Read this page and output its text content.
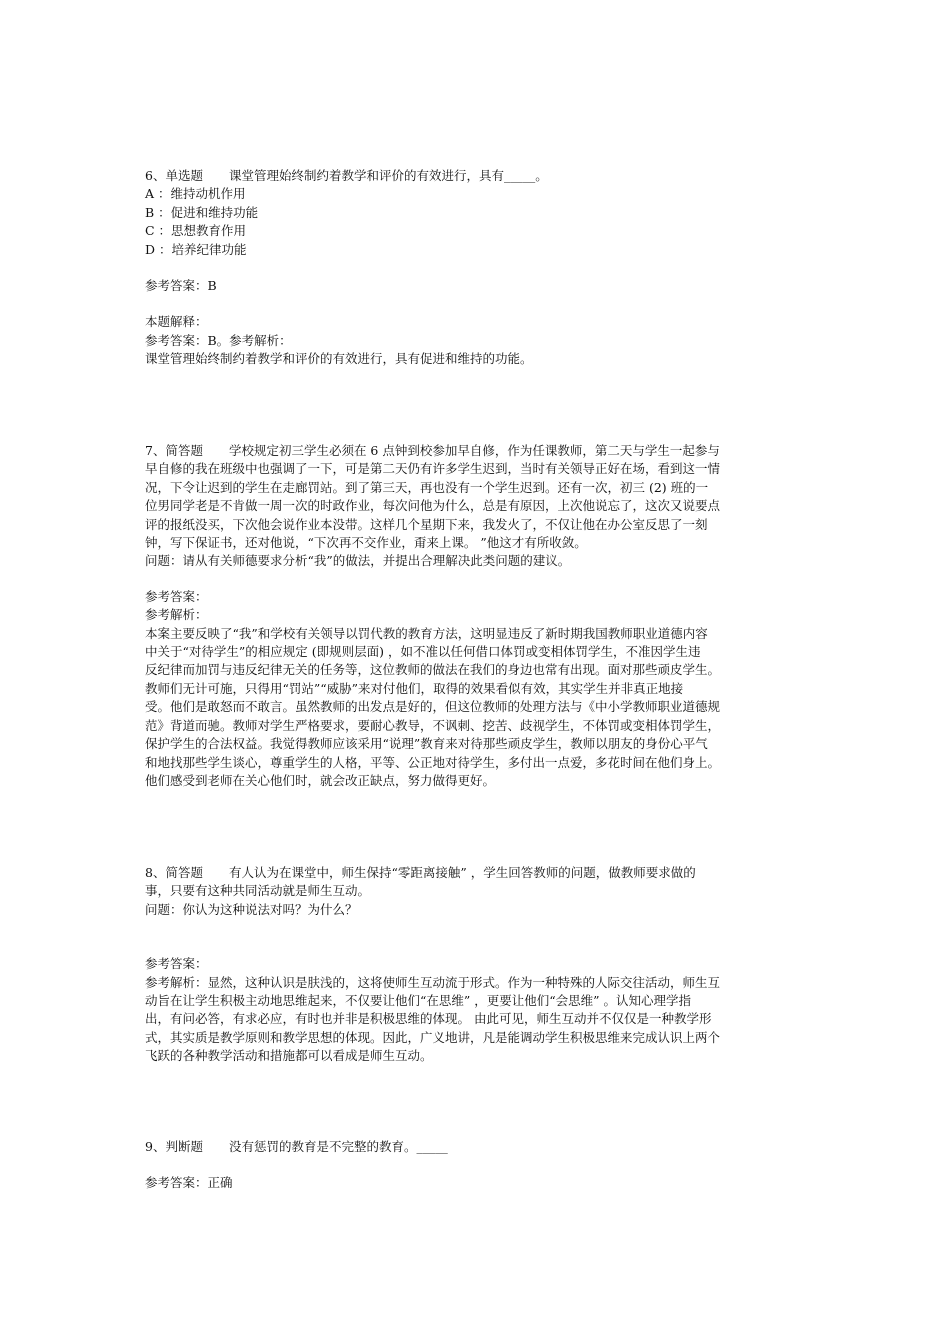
6、单选题 课堂管理始终制约着教学和评价的有效进行，具有_____。
A ：维持动机作用
B ：促进和维持功能
C ：思想教育作用
D ：培养纪律功能
参考答案：B
本题解释：
参考答案：B。参考解析：
课堂管理始终制约着教学和评价的有效进行，具有促进和维持的功能。
7、简答题 学校规定初三学生必须在 6 点钟到校参加早自修，作为任课教师，第二天与学生一起参与
早自修的我在班级中也强调了一下，可是第二天仍有许多学生迟到，当时有关领导正好在场，看到这一情
况，下令让迟到的学生在走廊罚站。到了第三天，再也没有一个学生迟到。还有一次，初三 (2) 班的一
位男同学老是不肯做一周一次的时政作业，每次问他为什么，总是有原因，上次他说忘了，这次又说要点
评的报纸没买，下次他会说作业本没带。这样几个星期下来，我发火了，不仅让他在办公室反思了一刻
钟，写下保证书，还对他说，“下次再不交作业，甭来上课。 ”他这才有所收敛。
问题：请从有关师德要求分析“我”的做法，并提出合理解决此类问题的建议。
参考答案：
参考解析：
本案主要反映了“我”和学校有关领导以罚代教的教育方法，这明显违反了新时期我国教师职业道德内容
中关于“对待学生”的相应规定 (即规则层面) ，如不准以任何借口体罚或变相体罚学生，不准因学生违
反纪律而加罚与违反纪律无关的任务等，这位教师的做法在我们的身边也常有出现。面对那些顽皮学生。
教师们无计可施，只得用“罚站”“威胁”来对付他们，取得的效果看似有效，其实学生并非真正地接
受。他们是敢怒而不敢言。虽然教师的出发点是好的，但这位教师的处理方法与《中小学教师职业道德规
范》背道而驰。教师对学生严格要求，要耐心教导，不讽刺、挖苦、歧视学生，不体罚或变相体罚学生，
保护学生的合法权益。我觉得教师应该采用“说理”教育来对待那些顽皮学生，教师以朋友的身份心平气
和地找那些学生谈心，尊重学生的人格，平等、公正地对待学生，多付出一点爱，多花时间在他们身上。
他们感受到老师在关心他们时，就会改正缺点，努力做得更好。
8、简答题 有人认为在课堂中，师生保持“零距离接触” ，学生回答教师的问题，做教师要求做的
事，只要有这种共同活动就是师生互动。
问题：你认为这种说法对吗？为什么？
参考答案：
参考解析：显然，这种认识是肤浅的，这将使师生互动流于形式。作为一种特殊的人际交往活动，师生互
动旨在让学生积极主动地思维起来，不仅要让他们“在思维” ，更要让他们“会思维” 。认知心理学指
出，有问必答，有求必应，有时也并非是积极思维的体现。 由此可见，师生互动并不仅仅是一种教学形
式，其实质是教学原则和教学思想的体现。因此，广义地讲，凡是能调动学生积极思维来完成认识上两个
飞跃的各种教学活动和措施都可以看成是师生互动。
9、判断题 没有惩罚的教育是不完整的教育。_____
参考答案：正确
